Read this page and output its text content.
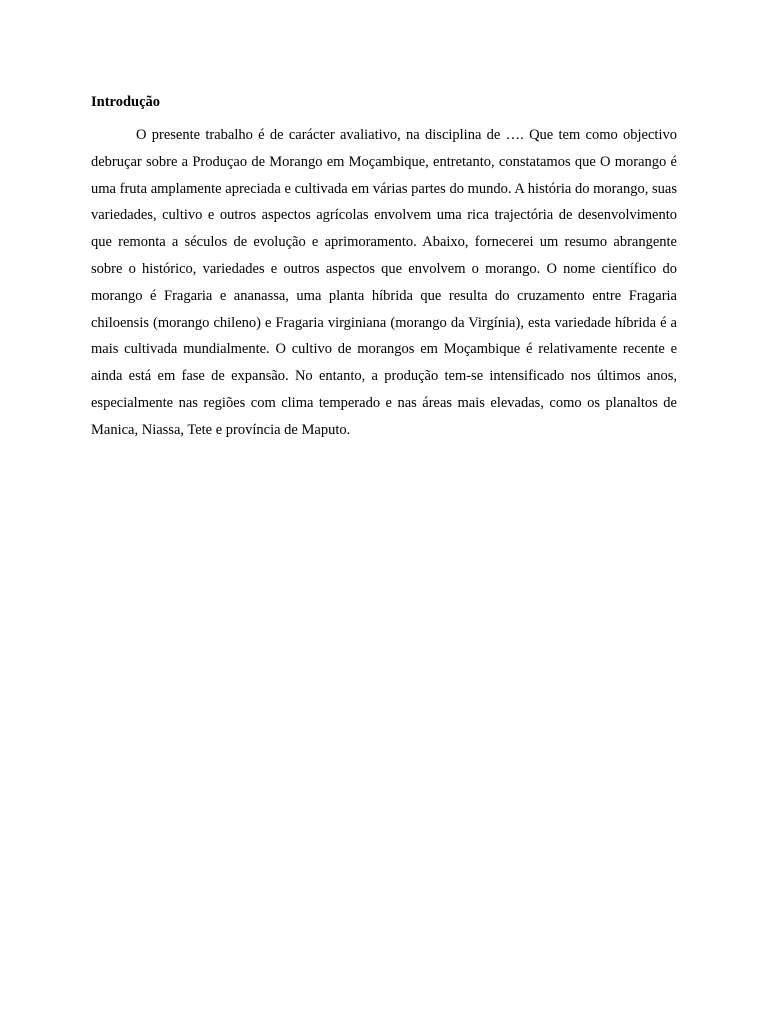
Introdução

O presente trabalho é de carácter avaliativo, na disciplina de …. Que tem como objectivo debruçar sobre a Produçao de Morango em Moçambique, entretanto, constatamos que O morango é uma fruta amplamente apreciada e cultivada em várias partes do mundo. A história do morango, suas variedades, cultivo e outros aspectos agrícolas envolvem uma rica trajectória de desenvolvimento que remonta a séculos de evolução e aprimoramento. Abaixo, fornecerei um resumo abrangente sobre o histórico, variedades e outros aspectos que envolvem o morango. O nome científico do morango é Fragaria e ananassa, uma planta híbrida que resulta do cruzamento entre Fragaria chiloensis (morango chileno) e Fragaria virginiana (morango da Virgínia), esta variedade híbrida é a mais cultivada mundialmente. O cultivo de morangos em Moçambique é relativamente recente e ainda está em fase de expansão. No entanto, a produção tem-se intensificado nos últimos anos, especialmente nas regiões com clima temperado e nas áreas mais elevadas, como os planaltos de Manica, Niassa, Tete e província de Maputo.
